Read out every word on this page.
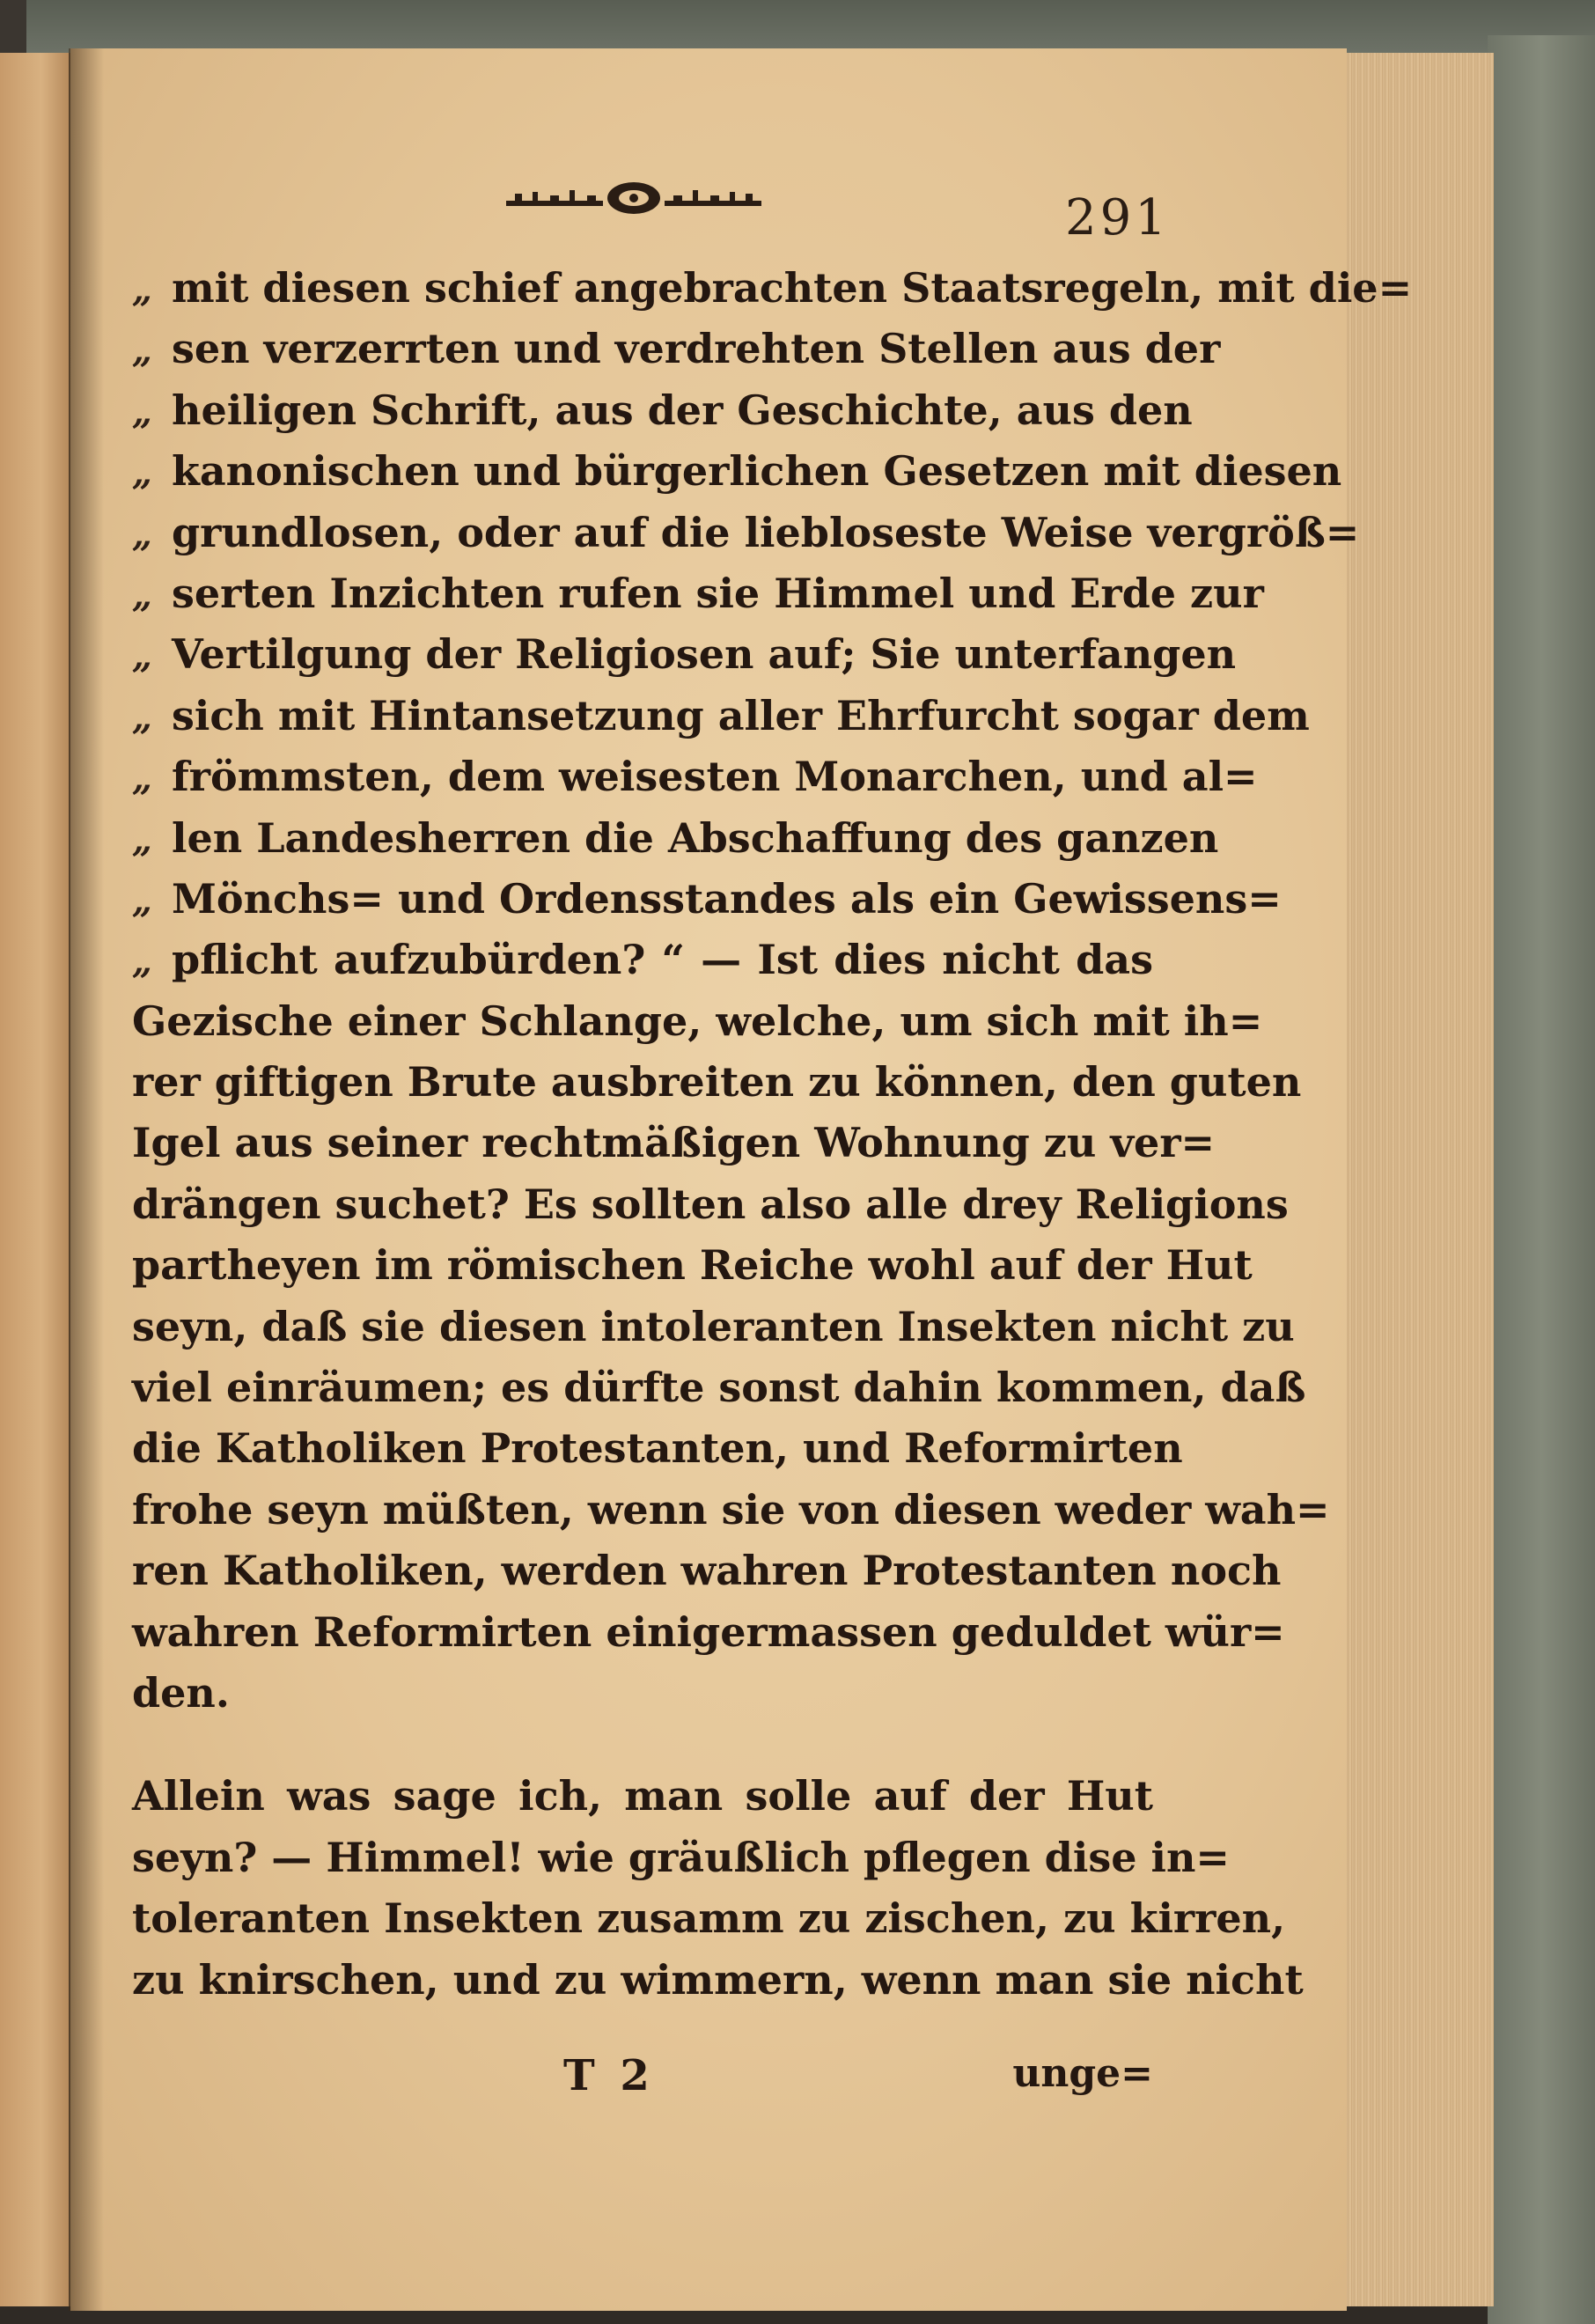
291
„ mit diesen schief angebrachten Staatsregeln, mit die=
„ sen verzerrten und verdrehten Stellen aus der
„ heiligen Schrift, aus der Geschichte, aus den
„ kanonischen und bürgerlichen Gesetzen mit diesen
„ grundlosen, oder auf die liebloseste Weise vergröß=
„ serten Inzichten rufen sie Himmel und Erde zur
„ Vertilgung der Religiosen auf; Sie unterfangen
„ sich mit Hintansetzung aller Ehrfurcht sogar dem
„ frömmsten, dem weisesten Monarchen, und al=
„ len Landesherren die Abschaffung des ganzen
„ Mönchs= und Ordensstandes als ein Gewissens=
„ pflicht aufzubürden? “ — Ist dies nicht das
Gezische einer Schlange, welche, um sich mit ih=
rer giftigen Brute ausbreiten zu können, den guten
Igel aus seiner rechtmäßigen Wohnung zu ver=
drängen suchet? Es sollten also alle drey Religions
partheyen im römischen Reiche wohl auf der Hut
seyn, daß sie diesen intoleranten Insekten nicht zu
viel einräumen; es dürfte sonst dahin kommen, daß
die Katholiken Protestanten, und Reformirten
frohe seyn müßten, wenn sie von diesen weder wah=
ren Katholiken, werden wahren Protestanten noch
wahren Reformirten einigermassen geduldet wür=
den.
Allein was sage ich, man solle auf der Hut
seyn? — Himmel! wie gräußlich pflegen dise in=
toleranten Insekten zusamm zu zischen, zu kirren,
zu knirschen, und zu wimmern, wenn man sie nicht
T 2	unge=
